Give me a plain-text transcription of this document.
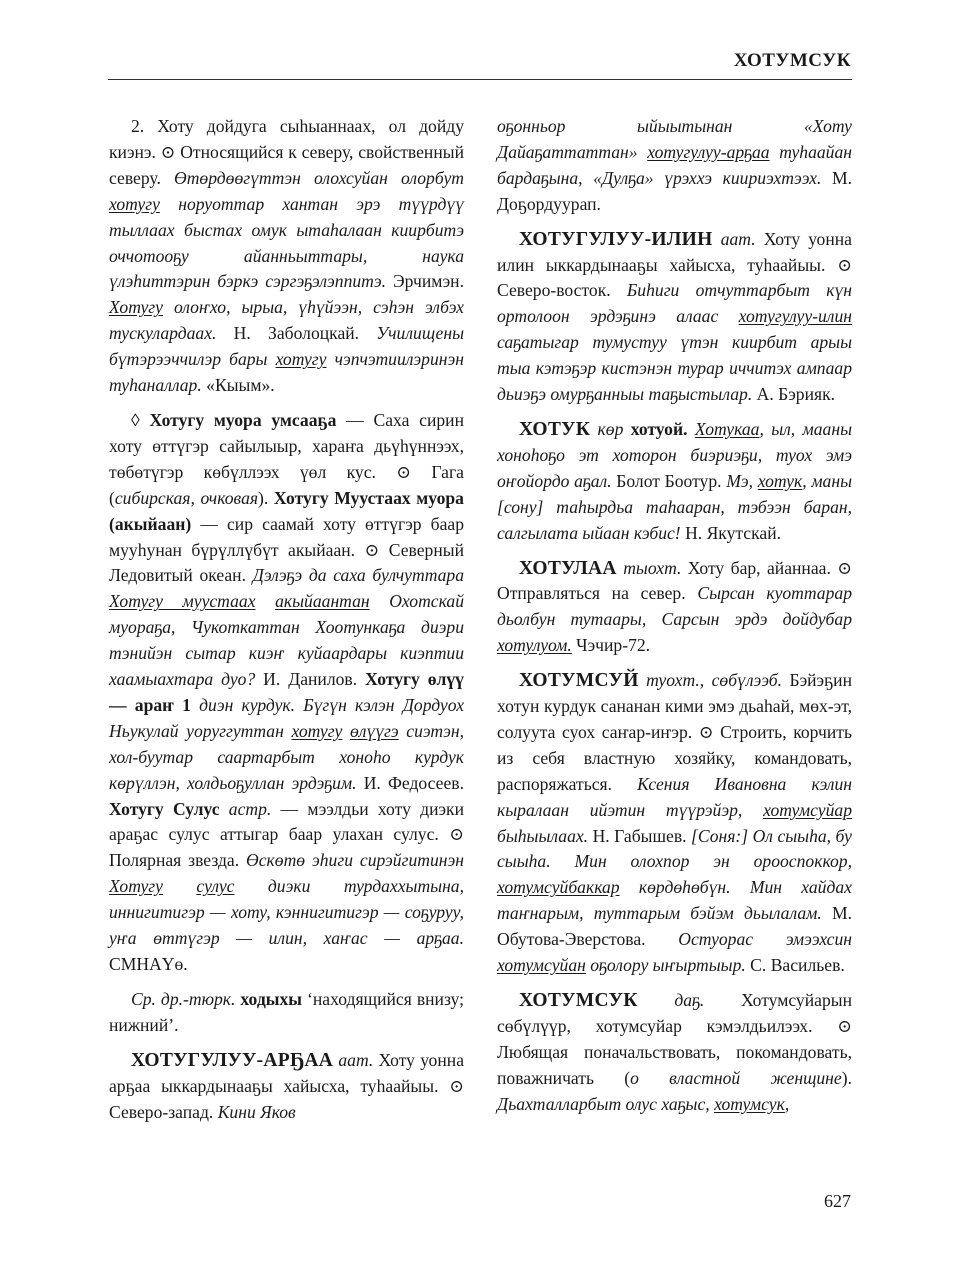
ХОТУМСУК

2. Хоту дойдуга сыһыаннаах, ол дойду киэнэ. ⊙ Относящийся к северу, свойственный северу. Өтөрдөөгүттэн олохсуйан олорбут хотугу норуоттар хантан эрэ түүрдүү тыллаах быстах омук ытаһалаан киирбитэ оччотооҕу айанньыттары, наука үлэһиттэрин бэркэ сэргэҕэлэппитэ. Эрчимэн. Хотугу олоҥхо, ырыа, үһүйээн, сэһэн элбэх тускулардаах. Н. Заболоцкай. Училищены бүтэрээччилэр бары хотугу чэпчэтиилэринэн туһаналлар. «Кыым».

◊ Хотугу муора умсааҕа — Саха сирин хоту өттүгэр сайылыыр, хараҥа дьүһүннээх, төбөтүгэр көбүллээх үөл кус. ⊙ Гага (сибирская, очковая). Хотугу Муустаах муора (акыйаан) — сир саамай хоту өттүгэр баар мууһунан бүрүллүбүт акыйаан. ⊙ Северный Ледовитый океан. Дэлэҕэ да саха булчуттара Хотугу муустаах акыйаантан Охотскай муораҕа, Чукоткаттан Хоотункаҕа диэри тэнийэн сытар киэҥ куйаардары киэптии хаамыахтара дуо? И. Данилов. Хотугу өлүү — араҥ 1 диэн курдук. Бүгүн кэлэн Дордуох Ньукулай уоруггуттан хотугу өлүүгэ сиэтэн, хол-буутар саартарбыт хоноһо курдук көрүллэн, холдьоҕуллан эрдэҕим. И. Федосеев. Хотугу Сулус астр. — мээлдьи хоту диэки араҕас сулус аттыгар баар улахан сулус. ⊙ Полярная звезда. Өскөтө эһиги сирэйгитинэн Хотугу сулус диэки турдаххытына, иннигитигэр — хоту, кэннигитигэр — соҕуруу, уҥа өттүгэр — илин, хаҥас — арҕаа. СМНАҮө.

Ср. др.-тюрк. ходыхы ‘находящийся внизу; нижний’.

ХОТУГУЛУУ-АРҔАА аат. Хоту уонна арҕаа ыккардынааҕы хайысха, туһаайыы. ⊙ Северо-запад. Кини Яков

оҕонньор ыйыытынан «Хоту Дайаҕаттаттан» хотугулуу-арҕаа туһаайан бардаҕына, «Дулҕа» үрэххэ киириэхтээх. М. Доҕордуурап.

ХОТУГУЛУУ-ИЛИН аат. Хоту уонна илин ыккардынааҕы хайысха, туһаайыы. ⊙ Северо-восток. Биһиги отчуттарбыт күн ортолоон эрдэҕинэ алаас хотугулуу-илин саҕатыгар тумустуу үтэн киирбит арыы тыа кэтэҕэр кистэнэн турар иччитэх ампаар дьиэҕэ омурҕанныы таҕыстылар. А. Бэрияк.

ХОТУК көр хотуой. Хотукаа, ыл, мааны хоноһоҕо эт хоторон биэриэҕи, туох эмэ оҥойордо аҕал. Болот Боотур. Мэ, хотук, маны [сону] таһырдьа таһааран, тэбээн баран, салгылата ыйаан кэбис! Н. Якутскай.

ХОТУЛАА тыохт. Хоту бар, айаннаа. ⊙ Отправляться на север. Сырсан куоттарар дьолбун тутаары, Сарсын эрдэ дойдубар хотулуом. Чэчир-72.

ХОТУМСУЙ туохт., сөбүлээб. Бэйэҕин хотун курдук сананан кими эмэ дьаһай, мөх-эт, солуута суох саҥар-иҥэр. ⊙ Строить, корчить из себя властную хозяйку, командовать, распоряжаться. Ксения Ивановна кэлин кыралаан ийэтин түүрэйэр, хотумсуйар быһыылаах. Н. Габышев. [Соня:] Ол сыыһа, бу сыыһа. Мин олохпор эн орооспоккор, хотумсуйбаккар көрдөһөбүн. Мин хайдах таҥнарым, туттарым бэйэм дьылалам. М. Обутова-Эверстова. Остуорас эмээхсин хотумсуйан оҕолору ыҥыртыыр. С. Васильев.

ХОТУМСУК даҕ. Хотумсуйарын сөбүлүүр, хотумсуйар кэмэлдьилээх. ⊙ Любящая поначальствовать, покомандовать, поважничать (о властной женщине). Дьахталларбыт олус хаҕыс, хотумсук,

627
